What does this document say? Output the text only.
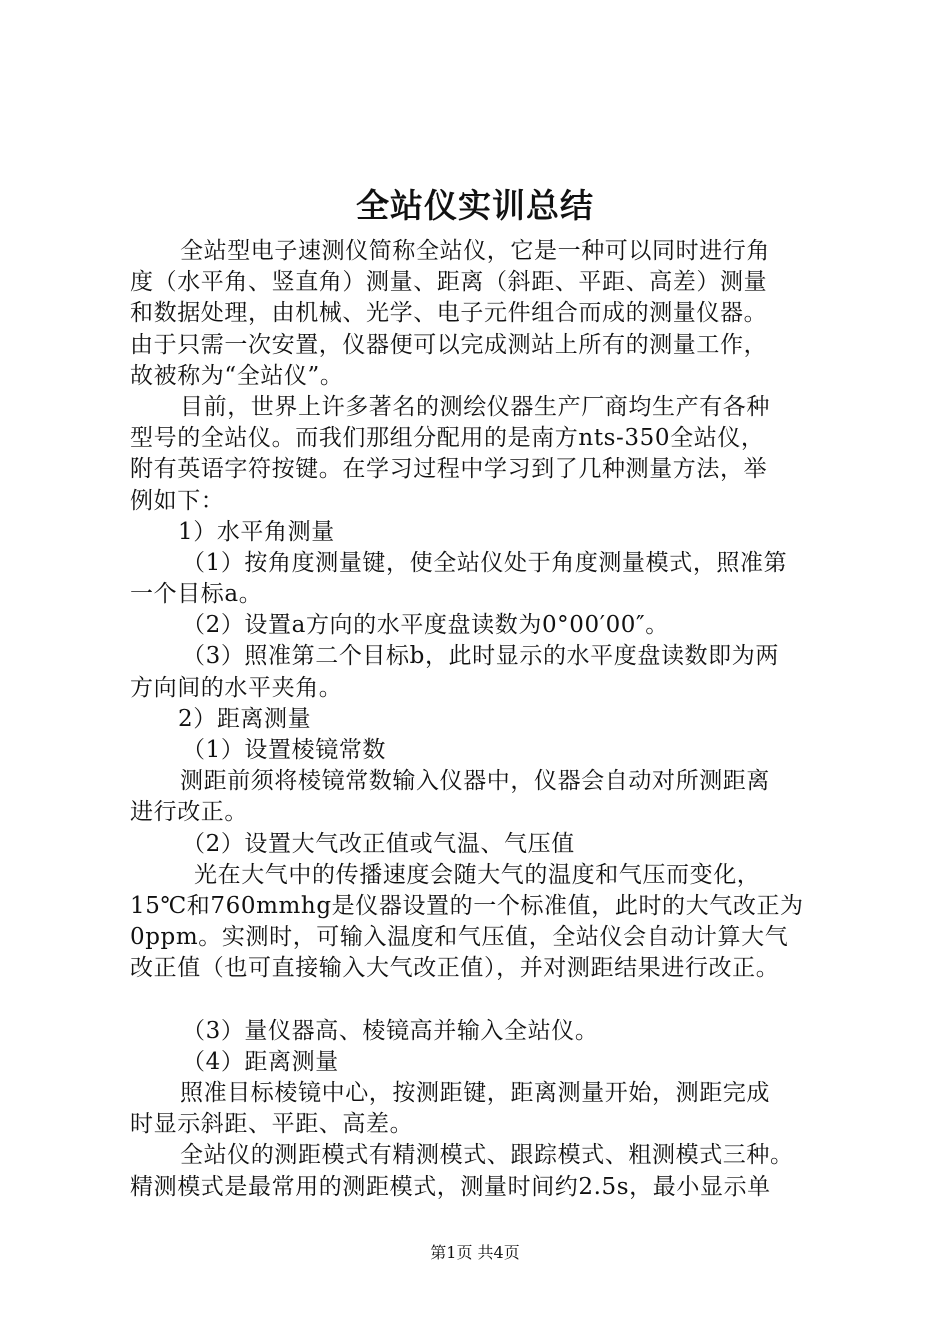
全站仪实训总结
全站型电子速测仪简称全站仪，它是一种可以同时进行角
度（水平角、竖直角）测量、距离（斜距、平距、高差）测量
和数据处理，由机械、光学、电子元件组合而成的测量仪器。
由于只需一次安置，仪器便可以完成测站上所有的测量工作，
故被称为“全站仪”。
目前，世界上许多著名的测绘仪器生产厂商均生产有各种
型号的全站仪。而我们那组分配用的是南方nts-350全站仪，
附有英语字符按键。在学习过程中学习到了几种测量方法，举
例如下：
1）水平角测量
（1）按角度测量键，使全站仪处于角度测量模式，照准第
一个目标a。
（2）设置a方向的水平度盘读数为0°00′00″。
（3）照准第二个目标b，此时显示的水平度盘读数即为两
方向间的水平夹角。
2）距离测量
（1）设置棱镜常数
测距前须将棱镜常数输入仪器中，仪器会自动对所测距离
进行改正。
（2）设置大气改正值或气温、气压值
光在大气中的传播速度会随大气的温度和气压而变化，
15℃和760mmhg是仪器设置的一个标准值，此时的大气改正为
0ppm。实测时，可输入温度和气压值，全站仪会自动计算大气
改正值（也可直接输入大气改正值），并对测距结果进行改正。
（3）量仪器高、棱镜高并输入全站仪。
（4）距离测量
照准目标棱镜中心，按测距键，距离测量开始，测距完成
时显示斜距、平距、高差。
全站仪的测距模式有精测模式、跟踪模式、粗测模式三种。
精测模式是最常用的测距模式，测量时间约2.5s，最小显示单
第1页 共4页
